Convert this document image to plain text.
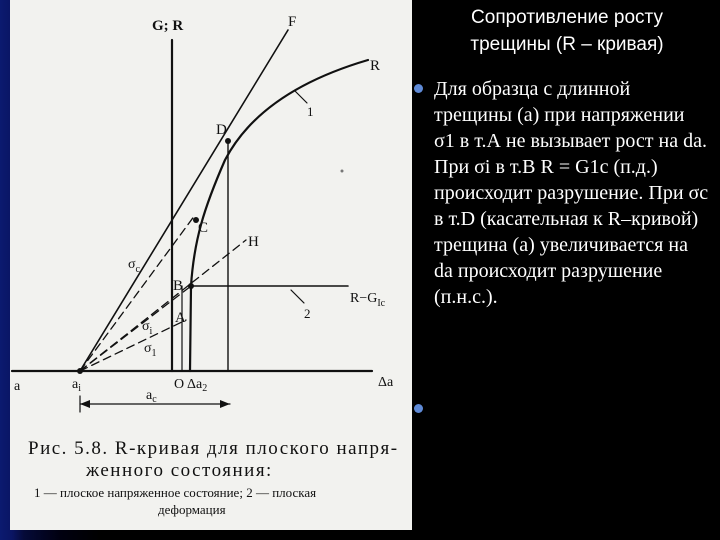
G; R	F
R
1
D
C
H
B
A	2
$R-G_{Ic}$
$\sigma_c$
$\sigma_i$
$\sigma_1$
a	$a_i$	O $\Delta a_2$	Δa
$a_c$
Рис. 5.8. R-кривая для плоского напря-
женного состояния:
1 — плоское напряженное состояние; 2 — плоская
деформация
Сопротивление росту
трещины (R – кривая)
Для образца с длинной трещины (а) при напряжении σ1 в т.А не вызывает рост на da. При σi в т.В R = G1c (п.д.) происходит разрушение. При σc в т.D (касательная к R–кривой) трещина (а) увеличивается на da происходит разрушение (п.н.с.).
